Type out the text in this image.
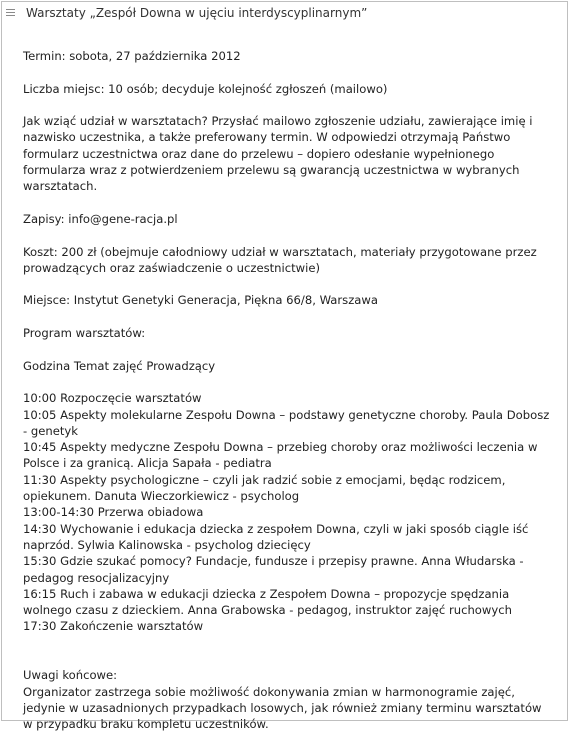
Warsztaty „Zespół Downa w ujęciu interdyscyplinarnym”

Termin: sobota, 27 października 2012

Liczba miejsc: 10 osób; decyduje kolejność zgłoszeń (mailowo)

Jak wziąć udział w warsztatach? Przysłać mailowo zgłoszenie udziału, zawierające imię i nazwisko uczestnika, a także preferowany termin. W odpowiedzi otrzymają Państwo formularz uczestnictwa oraz dane do przelewu – dopiero odesłanie wypełnionego formularza wraz z potwierdzeniem przelewu są gwarancją uczestnictwa w wybranych warsztatach.

Zapisy: info@gene-racja.pl

Koszt: 200 zł (obejmuje całodniowy udział w warsztatach, materiały przygotowane przez prowadzących oraz zaświadczenie o uczestnictwie)

Miejsce: Instytut Genetyki Generacja, Piękna 66/8, Warszawa

Program warsztatów:

Godzina Temat zajęć Prowadzący

10:00 Rozpoczęcie warsztatów

10:05 Aspekty molekularne Zespołu Downa – podstawy genetyczne choroby. Paula Dobosz - genetyk

10:45 Aspekty medyczne Zespołu Downa – przebieg choroby oraz możliwości leczenia w Polsce i za granicą. Alicja Sapała - pediatra

11:30 Aspekty psychologiczne – czyli jak radzić sobie z emocjami, będąc rodzicem, opiekunem. Danuta Wieczorkiewicz - psycholog

13:00-14:30 Przerwa obiadowa

14:30 Wychowanie i edukacja dziecka z zespołem Downa, czyli w jaki sposób ciągle iść naprzód. Sylwia Kalinowska - psycholog dziecięcy

15:30 Gdzie szukać pomocy? Fundacje, fundusze i przepisy prawne. Anna Włudarska - pedagog resocjalizacyjny

16:15 Ruch i zabawa w edukacji dziecka z Zespołem Downa – propozycje spędzania wolnego czasu z dzieckiem. Anna Grabowska - pedagog, instruktor zajęć ruchowych

17:30 Zakończenie warsztatów

Uwagi końcowe:

Organizator zastrzega sobie możliwość dokonywania zmian w harmonogramie zajęć, jedynie w uzasadnionych przypadkach losowych, jak również zmiany terminu warsztatów w przypadku braku kompletu uczestników.
